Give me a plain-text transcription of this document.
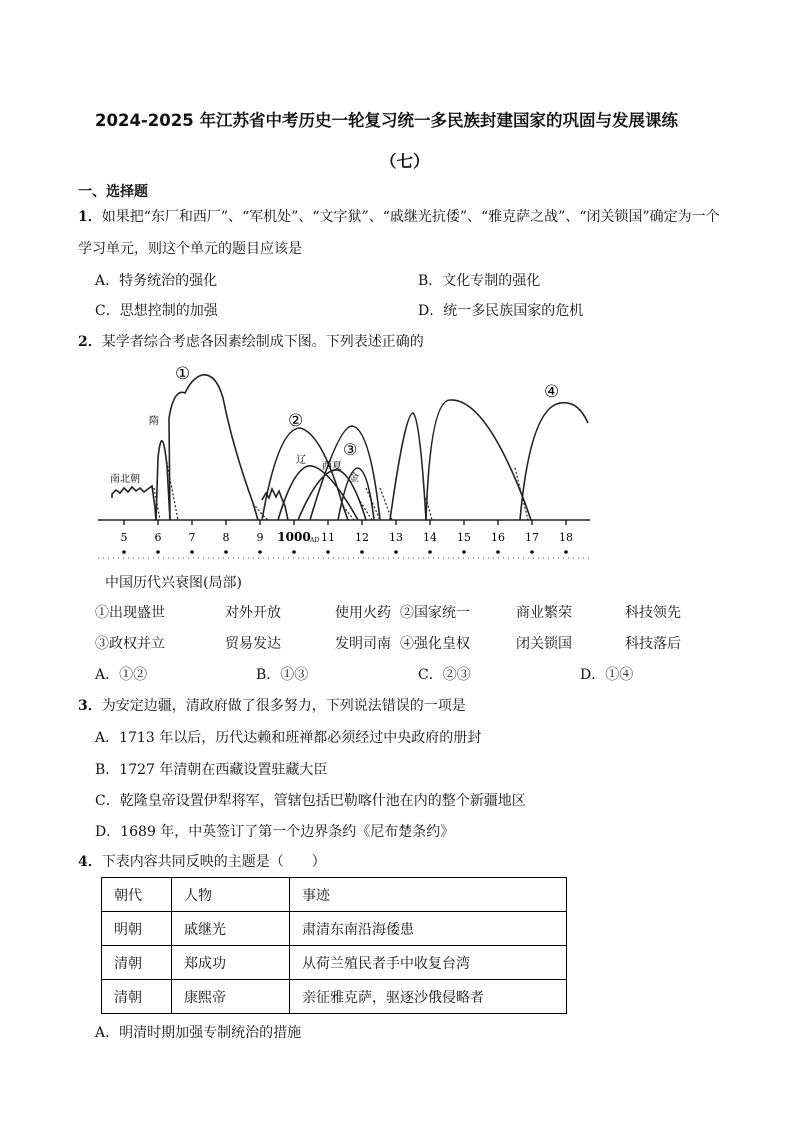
2024-2025 年江苏省中考历史一轮复习统一多民族封建国家的巩固与发展课练
（七）
一、选择题
1．如果把“东厂和西厂”、“军机处”、“文字狱”、“戚继光抗倭”、“雅克萨之战”、“闭关锁国”确定为一个
学习单元，则这个单元的题目应该是
A．特务统治的强化	B．文化专制的强化
C．思想控制的加强	D．统一多民族国家的危机
2．某学者综合考虑各因素绘制成下图。下列表述正确的
南北朝
隋
①
②
辽
③
西夏
金
④
5 6 7 8 9 1000 AD 11 12 13 14 15 16 17 18
中国历代兴衰图(局部)
①出现盛世	对外开放	使用火药 ②国家统一	商业繁荣	科技领先
③政权并立	贸易发达	发明司南 ④强化皇权	闭关锁国	科技落后
A．①②	B．①③	C．②③	D．①④
3．为安定边疆，清政府做了很多努力，下列说法错误的一项是
A．1713 年以后，历代达赖和班禅都必须经过中央政府的册封
B．1727 年清朝在西藏设置驻藏大臣
C．乾隆皇帝设置伊犁将军，管辖包括巴勒喀什池在内的整个新疆地区
D．1689 年，中英签订了第一个边界条约《尼布楚条约》
4．下表内容共同反映的主题是（　　）
朝代	人物	事迹
明朝	戚继光	肃清东南沿海倭患
清朝	郑成功	从荷兰殖民者手中收复台湾
清朝	康熙帝	亲征雅克萨，驱逐沙俄侵略者
A．明清时期加强专制统治的措施
